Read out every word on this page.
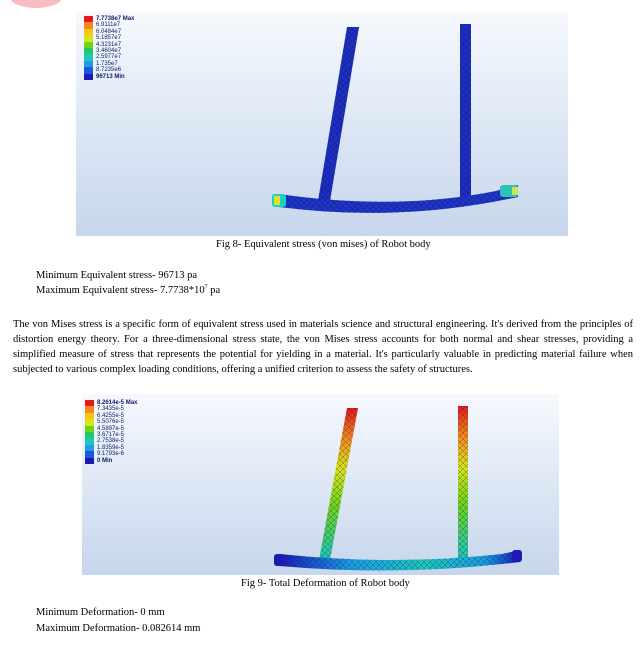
7.7738e7 Max
6.9111e7
6.0484e7
5.1857e7
4.3231e7
3.4604e7
2.5977e7
1.735e7
8.7235e6
96713 Min
Fig 8- Equivalent stress (von mises) of Robot body
Minimum Equivalent stress- 96713 pa
Maximum Equivalent stress- $7.7738*10^7$ pa
The von Mises stress is a specific form of equivalent stress used in materials science and structural engineering. It's derived from the principles of distortion energy theory. For a three-dimensional stress state, the von Mises stress accounts for both normal and shear stresses, providing a simplified measure of stress that represents the potential for yielding in a material. It's particularly valuable in predicting material failure when subjected to various complex loading conditions, offering a unified criterion to assess the safety of structures.
8.2614e-5 Max
7.3435e-5
6.4255e-5
5.5076e-5
4.5897e-5
3.6717e-5
2.7538e-5
1.8359e-5
9.1793e-6
0 Min
Fig 9- Total Deformation of Robot body
Minimum Deformation- 0 mm
Maximum Deformation- 0.082614 mm
